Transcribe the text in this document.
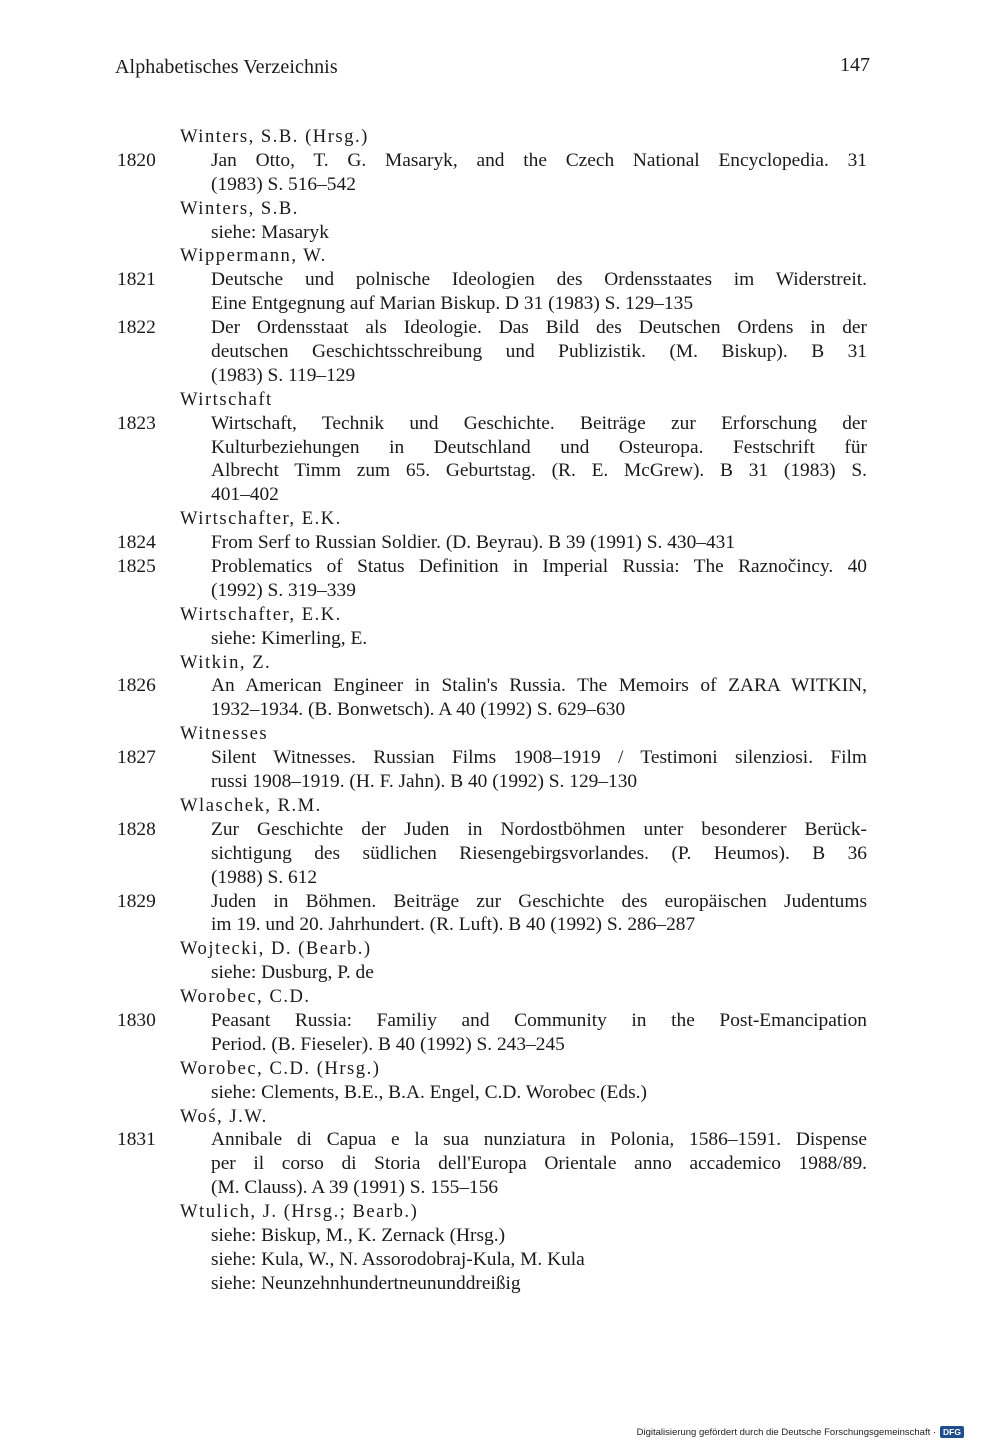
Alphabetisches Verzeichnis	147
Winters, S.B. (Hrsg.)
1820	Jan Otto, T. G. Masaryk, and the Czech National Encyclopedia. 31
(1983) S. 516–542
Winters, S.B.
siehe: Masaryk
Wippermann, W.
1821	Deutsche und polnische Ideologien des Ordensstaates im Widerstreit.
Eine Entgegnung auf Marian Biskup. D 31 (1983) S. 129–135
1822	Der Ordensstaat als Ideologie. Das Bild des Deutschen Ordens in der
deutschen Geschichtsschreibung und Publizistik. (M. Biskup). B 31
(1983) S. 119–129
Wirtschaft
1823	Wirtschaft, Technik und Geschichte. Beiträge zur Erforschung der
Kulturbeziehungen in Deutschland und Osteuropa. Festschrift für
Albrecht Timm zum 65. Geburtstag. (R. E. McGrew). B 31 (1983) S.
401–402
Wirtschafter, E.K.
1824	From Serf to Russian Soldier. (D. Beyrau). B 39 (1991) S. 430–431
1825	Problematics of Status Definition in Imperial Russia: The Raznočincy. 40
(1992) S. 319–339
Wirtschafter, E.K.
siehe: Kimerling, E.
Witkin, Z.
1826	An American Engineer in Stalin's Russia. The Memoirs of ZARA WITKIN,
1932–1934. (B. Bonwetsch). A 40 (1992) S. 629–630
Witnesses
1827	Silent Witnesses. Russian Films 1908–1919 / Testimoni silenziosi. Film
russi 1908–1919. (H. F. Jahn). B 40 (1992) S. 129–130
Wlaschek, R.M.
1828	Zur Geschichte der Juden in Nordostböhmen unter besonderer Berück-
sichtigung des südlichen Riesengebirgsvorlandes. (P. Heumos). B 36
(1988) S. 612
1829	Juden in Böhmen. Beiträge zur Geschichte des europäischen Judentums
im 19. und 20. Jahrhundert. (R. Luft). B 40 (1992) S. 286–287
Wojtecki, D. (Bearb.)
siehe: Dusburg, P. de
Worobec, C.D.
1830	Peasant Russia: Familiy and Community in the Post-Emancipation
Period. (B. Fieseler). B 40 (1992) S. 243–245
Worobec, C.D. (Hrsg.)
siehe: Clements, B.E., B.A. Engel, C.D. Worobec (Eds.)
Woś, J.W.
1831	Annibale di Capua e la sua nunziatura in Polonia, 1586–1591. Dispense
per il corso di Storia dell'Europa Orientale anno accademico 1988/89.
(M. Clauss). A 39 (1991) S. 155–156
Wtulich, J. (Hrsg.; Bearb.)
siehe: Biskup, M., K. Zernack (Hrsg.)
siehe: Kula, W., N. Assorodobraj-Kula, M. Kula
siehe: Neunzehnhundertneununddreißig
Digitalisierung gefördert durch die Deutsche Forschungsgemeinschaft · DFG
